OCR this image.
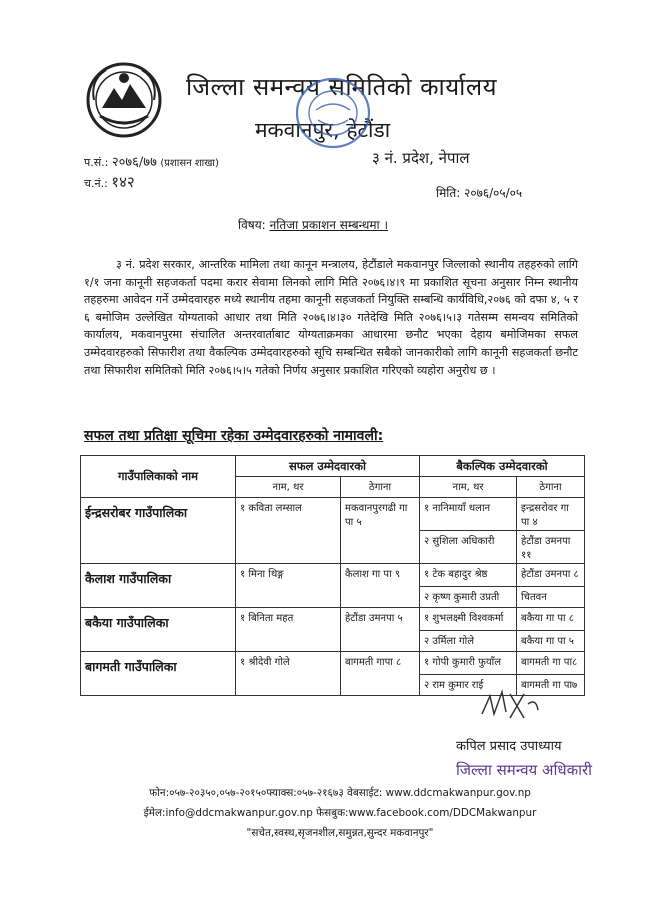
जिल्ला समन्वय समितिको कार्यालय
मकवानपुर, हेटौंडा
प.सं.: २०७६/७७ (प्रशासन शाखा)
च.नं.: १४२
३ नं. प्रदेश, नेपाल
मिति: २०७६/०५/०५
विषय: नतिजा प्रकाशन सम्बन्धमा ।
३ नं. प्रदेश सरकार, आन्तरिक मामिला तथा कानून मन्त्रालय, हेटौंडाले मकवानपुर जिल्लाको स्थानीय तहहरुको लागि १/१ जना कानूनी सहजकर्ता पदमा करार सेवामा लिनको लागि मिति २०७६।४।९ मा प्रकाशित सूचना अनुसार निम्न स्थानीय तहहरुमा आवेदन गर्ने उम्मेदवारहरु मध्ये स्थानीय तहमा कानूनी सहजकर्ता नियुक्ति सम्बन्धि कार्यविधि,२०७६ को दफा ४, ५ र ६ बमोजिम उल्लेखित योग्यताको आधार तथा मिति २०७६।४।३० गतेदेखि मिति २०७६।५।३ गतेसम्म समन्वय समितिको कार्यालय, मकवानपुरमा संचालित अन्तरवार्ताबाट योग्यताक्रमका आधारमा छनौट भएका देहाय बमोजिमका सफल उम्मेदवारहरुको सिफारीश तथा वैकल्पिक उम्मेदवारहरुको सूचि सम्बन्धित सबैको जानकारीको लागि कानूनी सहजकर्ता छनौट तथा सिफारीश समितिको मिति २०७६।५।५ गतेको निर्णय अनुसार प्रकाशित गरिएको व्यहोरा अनुरोध छ ।
सफल तथा प्रतिक्षा सूचिमा रहेका उम्मेदवारहरुको नामावली:
गाउँपालिकाको नाम	सफल उम्मेदवारको		बैकल्पिक उम्मेदवारको	
	नाम, थर	ठेगाना	नाम, थर	ठेगाना
ईन्द्रसरोबर गाउँपालिका	१ कविता लम्साल	मकवानपुरगढी गा पा ५	१ नानिमायाँ थलान	इन्द्रसरोवर गा पा ४
			२ सुशिला अधिकारी	हेटौंडा उमनपा ११
कैलाश गाउँपालिका	१ मिना थिङ्ग	कैलाश गा पा ९	१ टेक बहादुर श्रेष्ठ	हेटौंडा उमनपा ८
			२ कृष्ण कुमारी उप्रती	चितवन
बकैया गाउँपालिका	१ बिनिता महत	हेटौंडा उमनपा ५	१ शुभलक्ष्मी विश्वकर्मा	बकैया गा पा ८
			२ उर्मिला गोले	बकैया गा पा ५
बागमती गाउँपालिका	१ श्रीदेवी गोले	बागमती गापा ८	१ गोपी कुमारी फुयाँल	बागमती गा पा८
			२ राम कुमार राई	बागमती गा पा७
कपिल प्रसाद उपाध्याय
जिल्ला समन्वय अधिकारी
फोन:०५७-२०३५०,०५७-२०१५०फ्याक्स:०५७-२१६७३ वेबसाईट: www.ddcmakwanpur.gov.np
ईमेल:info@ddcmakwanpur.gov.np फेसबुक:www.facebook.com/DDCMakwanpur
"सचेत,स्वस्थ,सृजनशील,समुन्नत,सुन्दर मकवानपुर"
